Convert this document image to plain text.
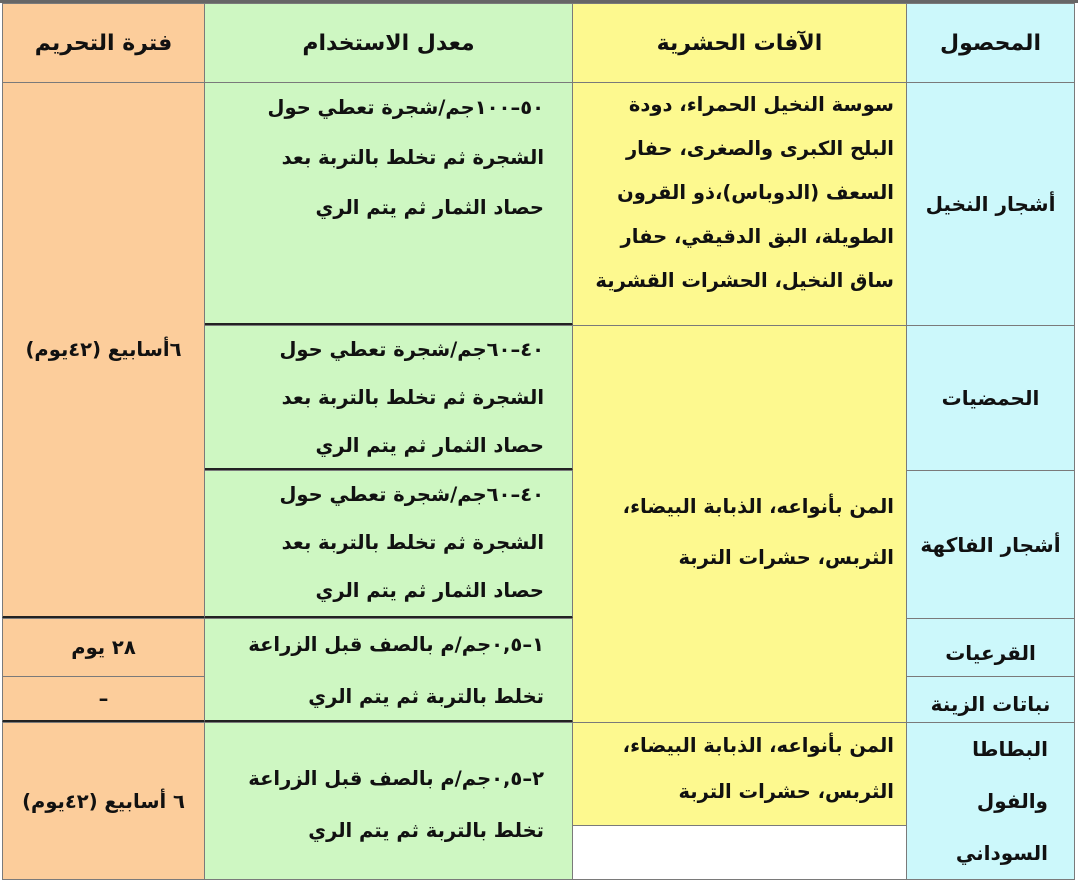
المحصول
الآفات الحشرية
معدل الاستخدام
فترة التحريم
أشجار النخيل
الحمضيات
أشجار الفاكهة
القرعيات
نباتات الزينة
البطاطا
والفول
السوداني

سوسة النخيل الحمراء، دودة

البلح الكبرى والصغرى، حفار

السعف (الدوباس)،ذو القرون

الطويلة، البق الدقيقي، حفار

ساق النخيل، الحشرات القشرية

المن بأنواعه، الذبابة البيضاء،

الثربس، حشرات التربة

المن بأنواعه، الذبابة البيضاء،

الثربس، حشرات التربة

٥٠–١٠٠جم/شجرة تعطي حول

الشجرة ثم تخلط بالتربة بعد

حصاد الثمار ثم يتم الري

٤٠–٦٠جم/شجرة تعطي حول

الشجرة ثم تخلط بالتربة بعد

حصاد الثمار ثم يتم الري

٤٠–٦٠جم/شجرة تعطي حول

الشجرة ثم تخلط بالتربة بعد

حصاد الثمار ثم يتم الري

١–٠,٥جم/م بالصف قبل الزراعة

تخلط بالتربة ثم يتم الري

٢–٠,٥جم/م بالصف قبل الزراعة

تخلط بالتربة ثم يتم الري

٦أسابيع (٤٢يوم)
٢٨ يوم
–
٦ أسابيع (٤٢يوم)
